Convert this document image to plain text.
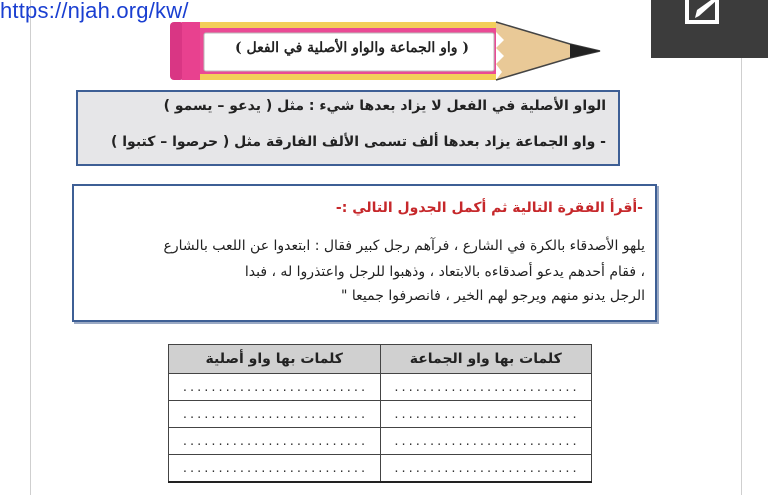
https://njah.org/kw/
( واو الجماعة والواو الأصلية في الفعل )
الواو الأصلية في الفعل لا يزاد بعدها شيء : مثل ( يدعو – يسمو )
- واو الجماعة يزاد بعدها ألف تسمى الألف الفارقة مثل ( حرصوا – كتبوا )
-أقرأ الفقرة التالية ثم أكمل الجدول التالي :-
يلهو الأصدقاء بالكرة في الشارع ، فرآهم رجل كبير فقال : ابتعدوا عن اللعب بالشارع
، فقام أحدهم يدعو أصدقاءه بالابتعاد ، وذهبوا للرجل واعتذروا له ، فبدا
الرجل يدنو منهم ويرجو لهم الخير ، فانصرفوا جميعا "
كلمات بها واو الجماعة	كلمات بها واو أصلية
..........................	..........................
..........................	..........................
..........................	..........................
..........................	..........................
